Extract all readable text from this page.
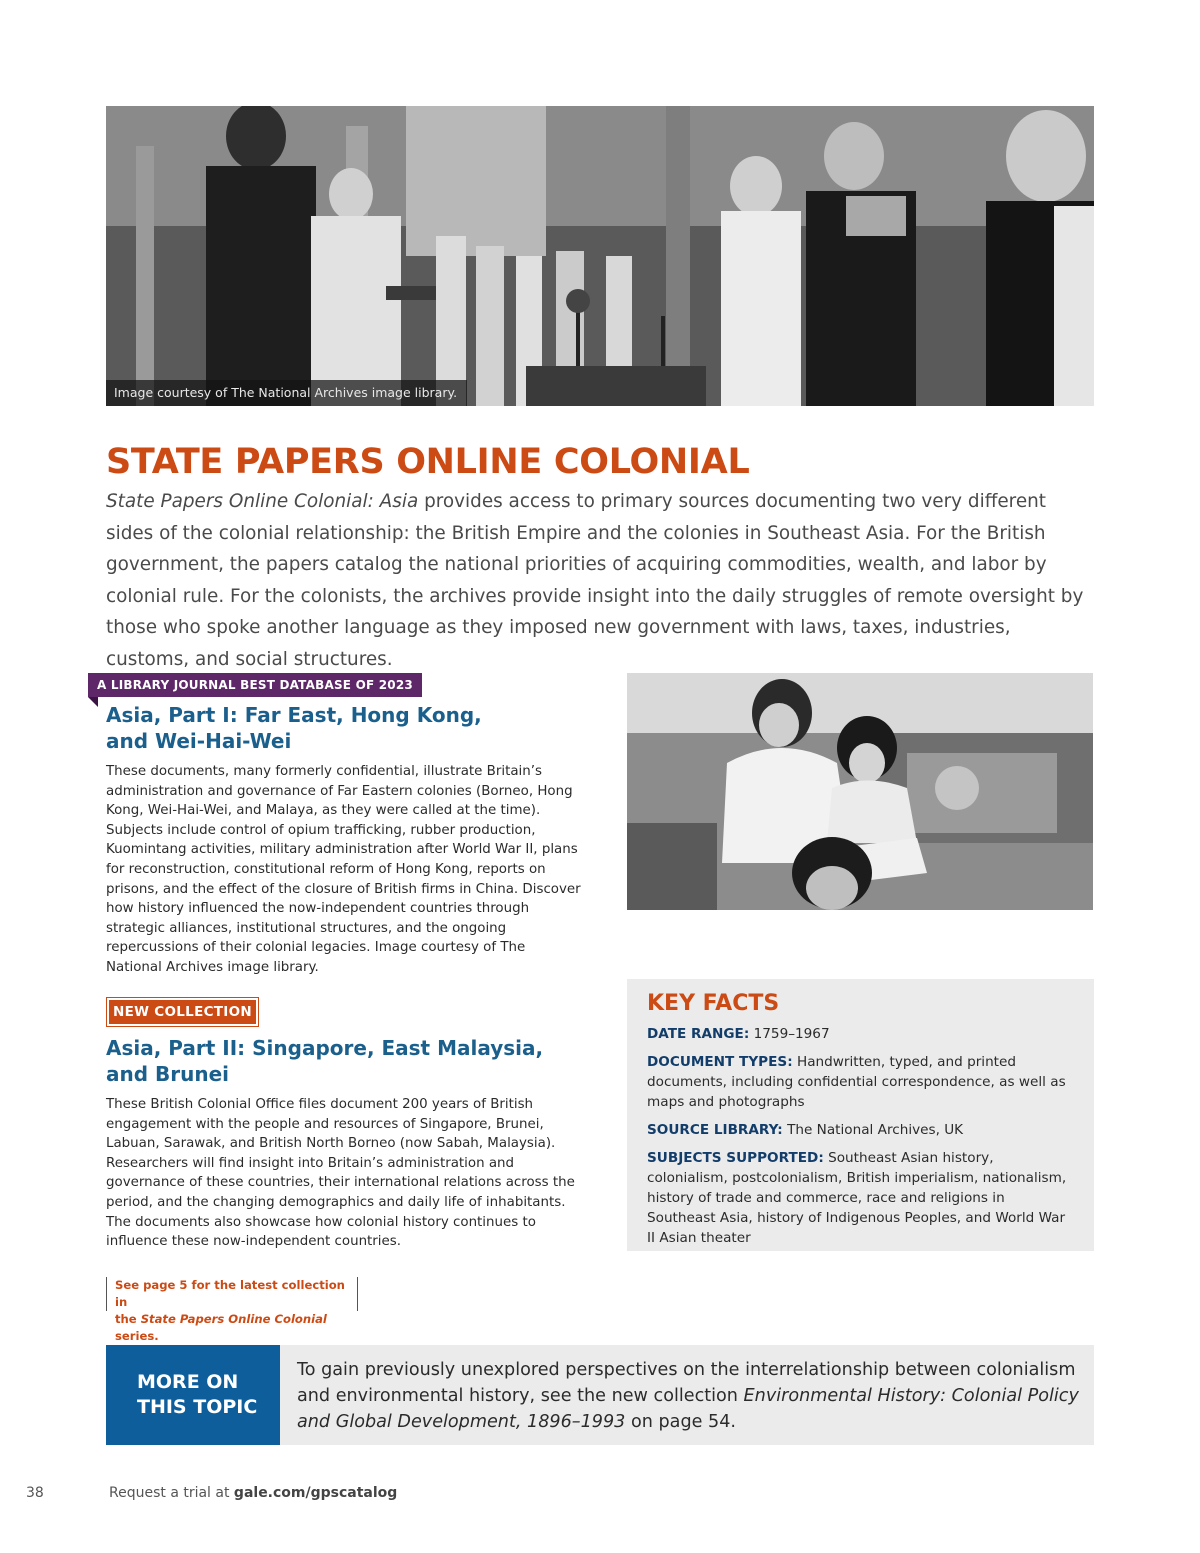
Image courtesy of The National Archives image library.
STATE PAPERS ONLINE COLONIAL

State Papers Online Colonial: Asia provides access to primary sources documenting two very different sides of the colonial relationship: the British Empire and the colonies in Southeast Asia. For the British government, the papers catalog the national priorities of acquiring commodities, wealth, and labor by colonial rule. For the colonists, the archives provide insight into the daily struggles of remote oversight by those who spoke another language as they imposed new government with laws, taxes, industries, customs, and social structures.

A LIBRARY JOURNAL BEST DATABASE OF 2023
Asia, Part I: Far East, Hong Kong,
and Wei-Hai-Wei

These documents, many formerly confidential, illustrate Britain’s administration and governance of Far Eastern colonies (Borneo, Hong Kong, Wei-Hai-Wei, and Malaya, as they were called at the time). Subjects include control of opium trafficking, rubber production, Kuomintang activities, military administration after World War II, plans for reconstruction, constitutional reform of Hong Kong, reports on prisons, and the effect of the closure of British firms in China. Discover how history influenced the now-independent countries through strategic alliances, institutional structures, and the ongoing repercussions of their colonial legacies. Image courtesy of The National Archives image library.

NEW COLLECTION
Asia, Part II: Singapore, East Malaysia,
and Brunei

These British Colonial Office files document 200 years of British engagement with the people and resources of Singapore, Brunei, Labuan, Sarawak, and British North Borneo (now Sabah, Malaysia). Researchers will find insight into Britain’s administration and governance of these countries, their international relations across the period, and the changing demographics and daily life of inhabitants. The documents also showcase how colonial history continues to influence these now-independent countries.

See page 5 for the latest collection in
the State Papers Online Colonial series.
KEY FACTS

DATE RANGE: 1759–1967

DOCUMENT TYPES: Handwritten, typed, and printed documents, including confidential correspondence, as well as maps and photographs

SOURCE LIBRARY: The National Archives, UK

SUBJECTS SUPPORTED: Southeast Asian history, colonialism, postcolonialism, British imperialism, nationalism, history of trade and commerce, race and religions in Southeast Asia, history of Indigenous Peoples, and World War II Asian theater

MORE ON
THIS TOPIC

To gain previously unexplored perspectives on the interrelationship between colonialism and environmental history, see the new collection Environmental History: Colonial Policy and Global Development, 1896–1993 on page 54.

38	Request a trial at gale.com/gpscatalog
